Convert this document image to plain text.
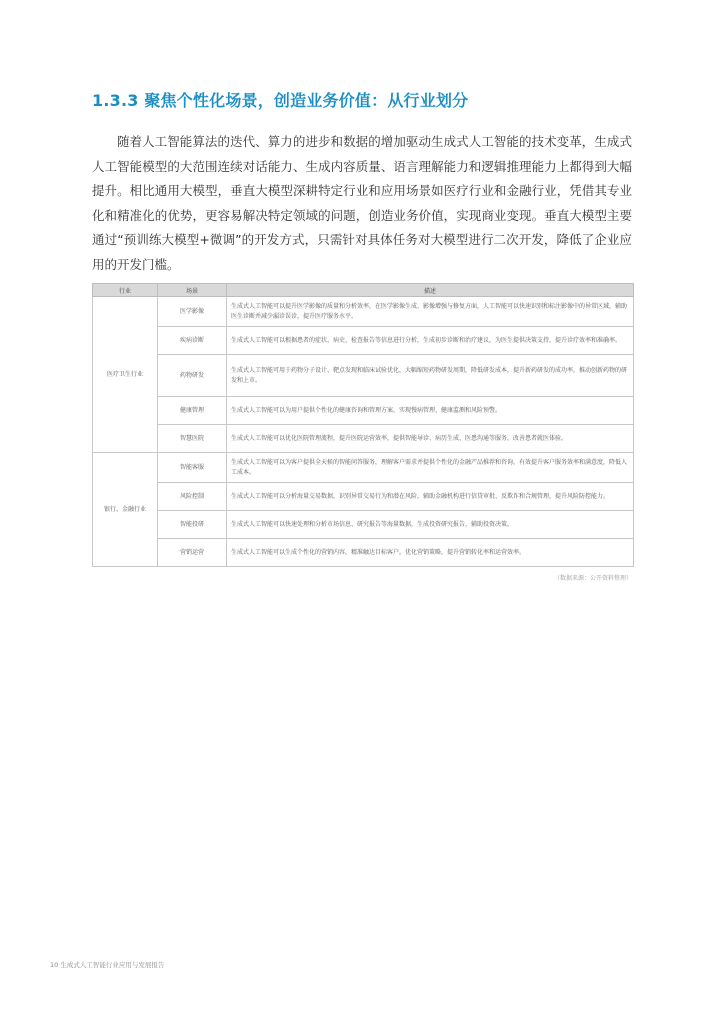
1.3.3 聚焦个性化场景，创造业务价值：从行业划分

随着人工智能算法的迭代、算力的进步和数据的增加驱动生成式人工智能的技术变革，生成式人工智能模型的大范围连续对话能力、生成内容质量、语言理解能力和逻辑推理能力上都得到大幅提升。相比通用大模型，垂直大模型深耕特定行业和应用场景如医疗行业和金融行业，凭借其专业化和精准化的优势，更容易解决特定领域的问题，创造业务价值，实现商业变现。垂直大模型主要通过“预训练大模型+微调”的开发方式，只需针对具体任务对大模型进行二次开发，降低了企业应用的开发门槛。

行业	场景	描述
医疗卫生行业	医学影像	生成式人工智能可以提升医学影像的质量和分析效率，在医学影像生成、影像增强与修复方面，人工智能可以快速识别和标注影像中的异常区域，辅助医生诊断并减少漏诊误诊，提升医疗服务水平。
	疾病诊断	生成式人工智能可以根据患者的症状、病史、检查报告等信息进行分析，生成初步诊断和治疗建议，为医生提供决策支持，提升诊疗效率和准确率。
	药物研发	生成式人工智能可用于药物分子设计、靶点发现和临床试验优化，大幅缩短药物研发周期，降低研发成本，提升新药研发的成功率，推动创新药物的研发和上市。
	健康管理	生成式人工智能可以为用户提供个性化的健康咨询和管理方案，实现慢病管理、健康监测和风险预警。
	智慧医院	生成式人工智能可以优化医院管理流程，提升医院运营效率，提供智能导诊、病历生成、医患沟通等服务，改善患者就医体验。
银行、金融行业	智能客服	生成式人工智能可以为客户提供全天候的智能问答服务，理解客户需求并提供个性化的金融产品推荐和咨询，有效提升客户服务效率和满意度，降低人工成本。
	风险控制	生成式人工智能可以分析海量交易数据，识别异常交易行为和潜在风险，辅助金融机构进行信贷审批、反欺诈和合规管理，提升风险防控能力。
	智能投研	生成式人工智能可以快速处理和分析市场信息、研究报告等海量数据，生成投资研究报告，辅助投资决策。
	营销运营	生成式人工智能可以生成个性化的营销内容，精准触达目标客户，优化营销策略，提升营销转化率和运营效率。
（数据来源：公开资料整理）
10 生成式人工智能行业应用与发展报告
